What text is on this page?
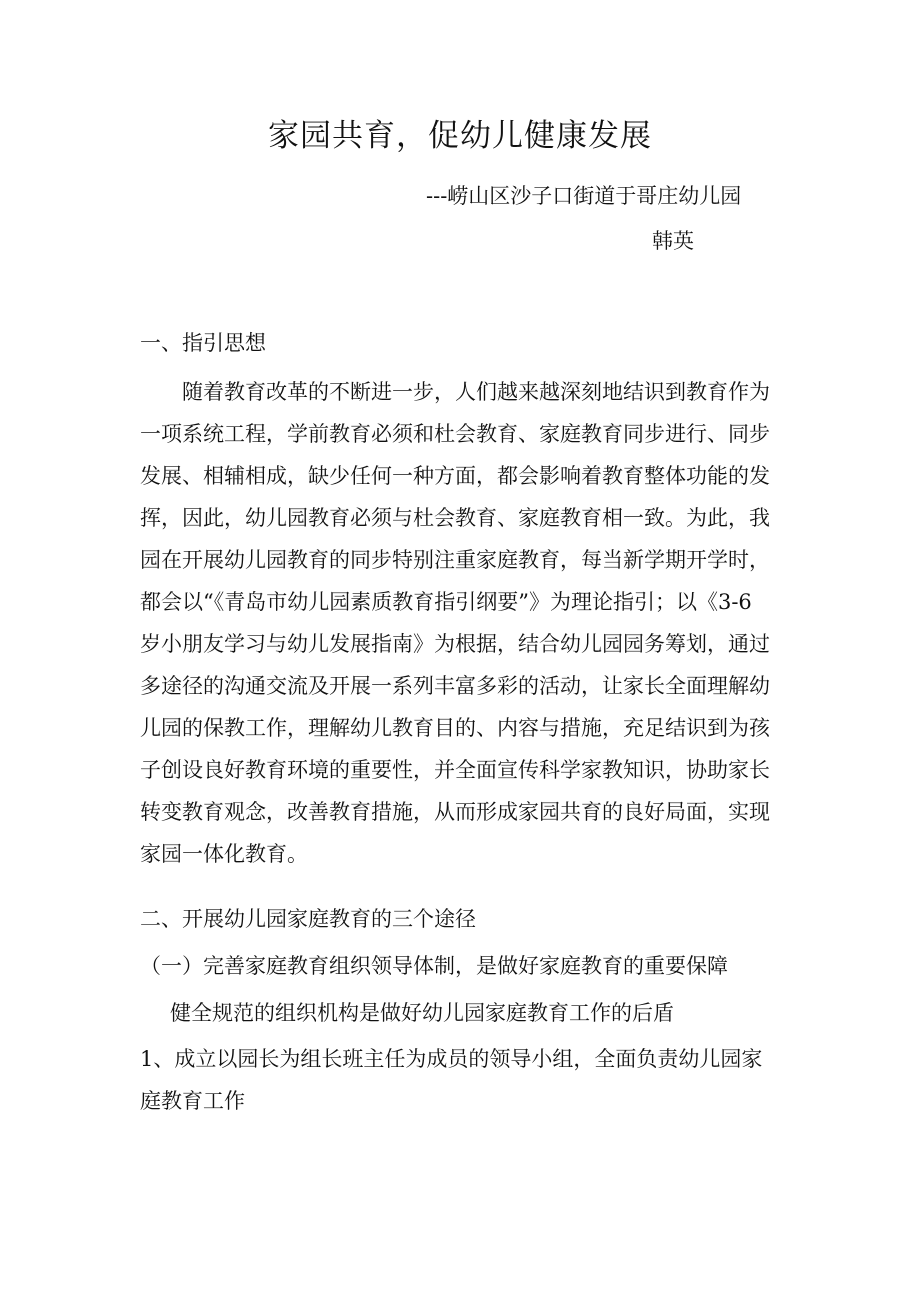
家园共育，促幼儿健康发展
---崂山区沙子口街道于哥庄幼儿园
韩英
一、指引思想
随着教育改革的不断进一步，人们越来越深刻地结识到教育作为
一项系统工程，学前教育必须和杜会教育、家庭教育同步进行、同步
发展、相辅相成，缺少任何一种方面，都会影响着教育整体功能的发
挥，因此，幼儿园教育必须与杜会教育、家庭教育相一致。为此，我
园在开展幼儿园教育的同步特别注重家庭教育，每当新学期开学时，
都会以“《青岛市幼儿园素质教育指引纲要”》为理论指引；以《3-6
岁小朋友学习与幼儿发展指南》为根据，结合幼儿园园务筹划，通过
多途径的沟通交流及开展一系列丰富多彩的活动，让家长全面理解幼
儿园的保教工作，理解幼儿教育目的、内容与措施，充足结识到为孩
子创设良好教育环境的重要性，并全面宣传科学家教知识，协助家长
转变教育观念，改善教育措施，从而形成家园共育的良好局面，实现
家园一体化教育。
二、开展幼儿园家庭教育的三个途径
（一）完善家庭教育组织领导体制，是做好家庭教育的重要保障
健全规范的组织机构是做好幼儿园家庭教育工作的后盾
1、成立以园长为组长班主任为成员的领导小组，全面负责幼儿园家
庭教育工作
